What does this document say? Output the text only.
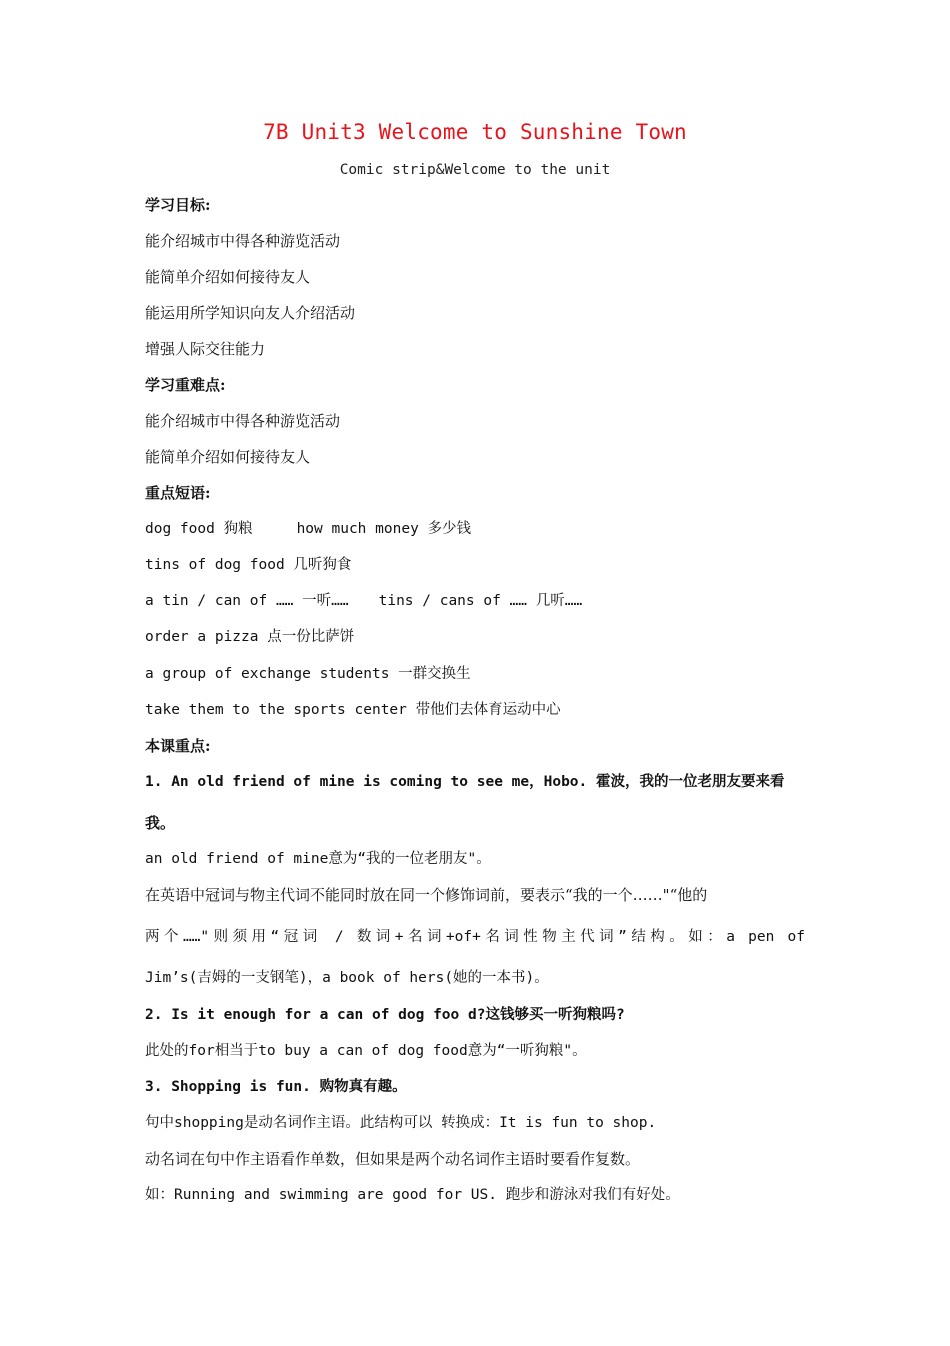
7B Unit3 Welcome to Sunshine Town
Comic strip&Welcome to the unit
学习目标:
能介绍城市中得各种游览活动
能简单介绍如何接待友人
能运用所学知识向友人介绍活动
增强人际交往能力
学习重难点:
能介绍城市中得各种游览活动
能简单介绍如何接待友人
重点短语:
dog food 狗粮	how much money 多少钱
tins of dog food 几听狗食
a tin / can of …… 一听…… tins / cans of …… 几听……
order a pizza 点一份比萨饼
a group of exchange students 一群交换生
take them to the sports center 带他们去体育运动中心
本课重点:
1. An old friend of mine is coming to see me，Hobo. 霍波，我的一位老朋友要来看
我。
an old friend of mine意为“我的一位老朋友"。
在英语中冠词与物主代词不能同时放在同一个修饰词前，要表示“我的一个……"“他的
两个……"则须用“冠词 / 数词+名词+of+名词性物主代词”结构。如：a pen of
Jim’s(吉姆的一支钢笔)，a book of hers(她的一本书)。
2. Is it enough for a can of dog foo d?这钱够买一听狗粮吗?
此处的for相当于to buy a can of dog food意为“一听狗粮"。
3. Shopping is fun. 购物真有趣。
句中shopping是动名词作主语。此结构可以 转换成：It is fun to shop.
动名词在句中作主语看作单数，但如果是两个动名词作主语时要看作复数。
如：Running and swimming are good for US. 跑步和游泳对我们有好处。
